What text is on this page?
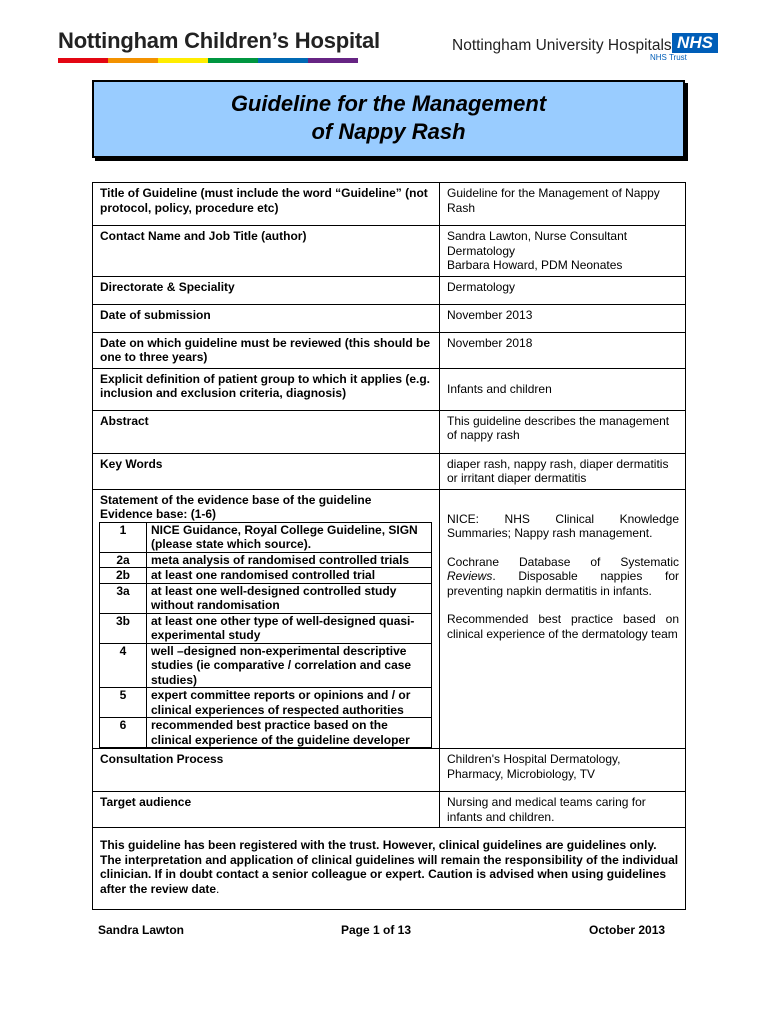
Nottingham Children’s Hospital	Nottingham University Hospitals NHS
NHS Trust
Guideline for the Management
of Nappy Rash
Title of Guideline (must include the word “Guideline” (not protocol, policy, procedure etc)	Guideline for the Management of Nappy Rash
Contact Name and Job Title (author)	Sandra Lawton, Nurse Consultant Dermatology
Barbara Howard, PDM Neonates

Directorate & Speciality	Dermatology
Date of submission	November 2013
Date on which guideline must be reviewed (this should be one to three years)	November 2018
Explicit definition of patient group to which it applies (e.g. inclusion and exclusion criteria, diagnosis)	Infants and children
Abstract	This guideline describes the management of nappy rash
Key Words	diaper rash, nappy rash, diaper dermatitis or irritant diaper dermatitis

Statement of the evidence base of the guideline
Evidence base: (1-6)
1	NICE Guidance, Royal College Guideline, SIGN (please state which source).
2a	meta analysis of randomised controlled trials
2b	at least one randomised controlled trial
3a	at least one well-designed controlled study without randomisation
3b	at least one other type of well-designed quasi-experimental study
4	well –designed non-experimental descriptive studies (ie comparative / correlation and case studies)
5	expert committee reports or opinions and / or clinical experiences of respected authorities
6	recommended best practice based on the clinical experience of the guideline developer

NICE: NHS Clinical Knowledge Summaries; Nappy rash management.
Cochrane Database of Systematic Reviews. Disposable nappies for preventing napkin dermatitis in infants.
Recommended best practice based on clinical experience of the dermatology team

Consultation Process	Children's Hospital Dermatology, Pharmacy, Microbiology, TV
Target audience	Nursing and medical teams caring for infants and children.
This guideline has been registered with the trust. However, clinical guidelines are guidelines only. The interpretation and application of clinical guidelines will remain the responsibility of the individual clinician. If in doubt contact a senior colleague or expert. Caution is advised when using guidelines after the review date.
Sandra Lawton	Page 1 of 13	October 2013
